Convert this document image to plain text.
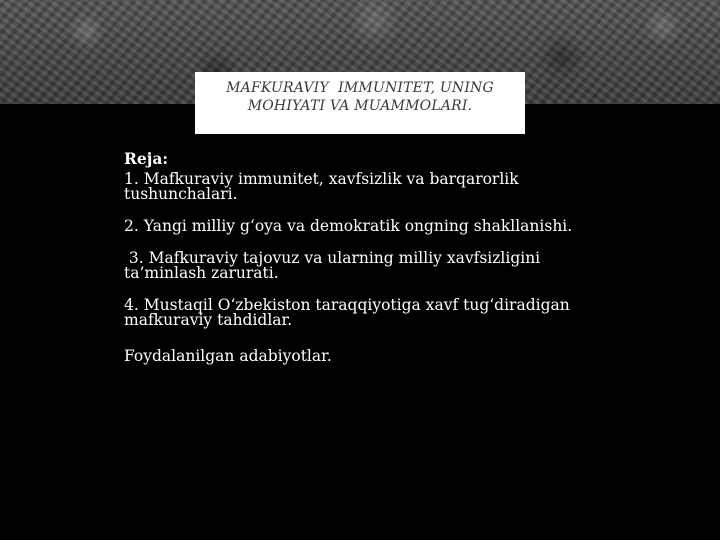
MAFKURAVIY  IMMUNITET, UNING
MOHIYATI VA MUAMMOLARI.

Reja:

1. Mafkuraviy immunitet, xavfsizlik va barqarorlik
tushunchalari.

2. Yangi milliy g‘oya va demokratik ongning shakllanishi.

3. Mafkuraviy tajovuz va ularning milliy xavfsizligini
ta’minlash zarurati.

4. Mustaqil O‘zbekiston taraqqiyotiga xavf tug‘diradigan
mafkuraviy tahdidlar.

Foydalanilgan adabiyotlar.
